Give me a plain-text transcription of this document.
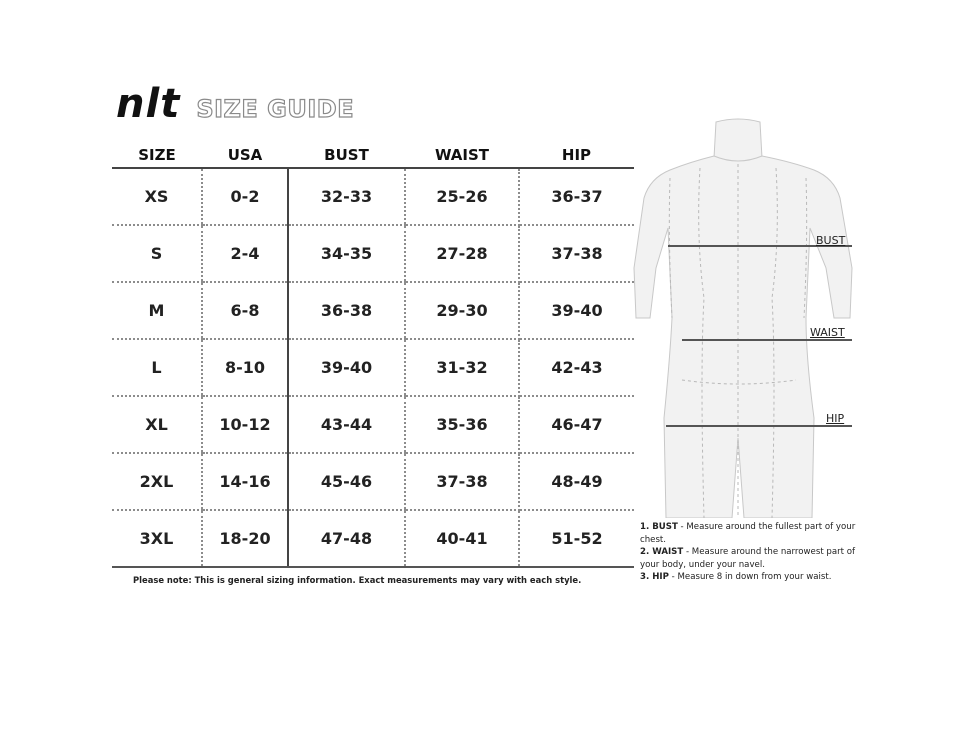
nlt SIZE GUIDE
SIZE	USA	BUST	WAIST	HIP
XS	0-2	32-33	25-26	36-37
S	2-4	34-35	27-28	37-38
M	6-8	36-38	29-30	39-40
L	8-10	39-40	31-32	42-43
XL	10-12	43-44	35-36	46-47
2XL	14-16	45-46	37-38	48-49
3XL	18-20	47-48	40-41	51-52
Please note: This is general sizing information. Exact measurements may vary with each style.
BUST
WAIST
HIP

1. BUST - Measure around the fullest part of your chest.

2. WAIST - Measure around the narrowest part of your body, under your navel.

3. HIP - Measure 8 in down from your waist.
